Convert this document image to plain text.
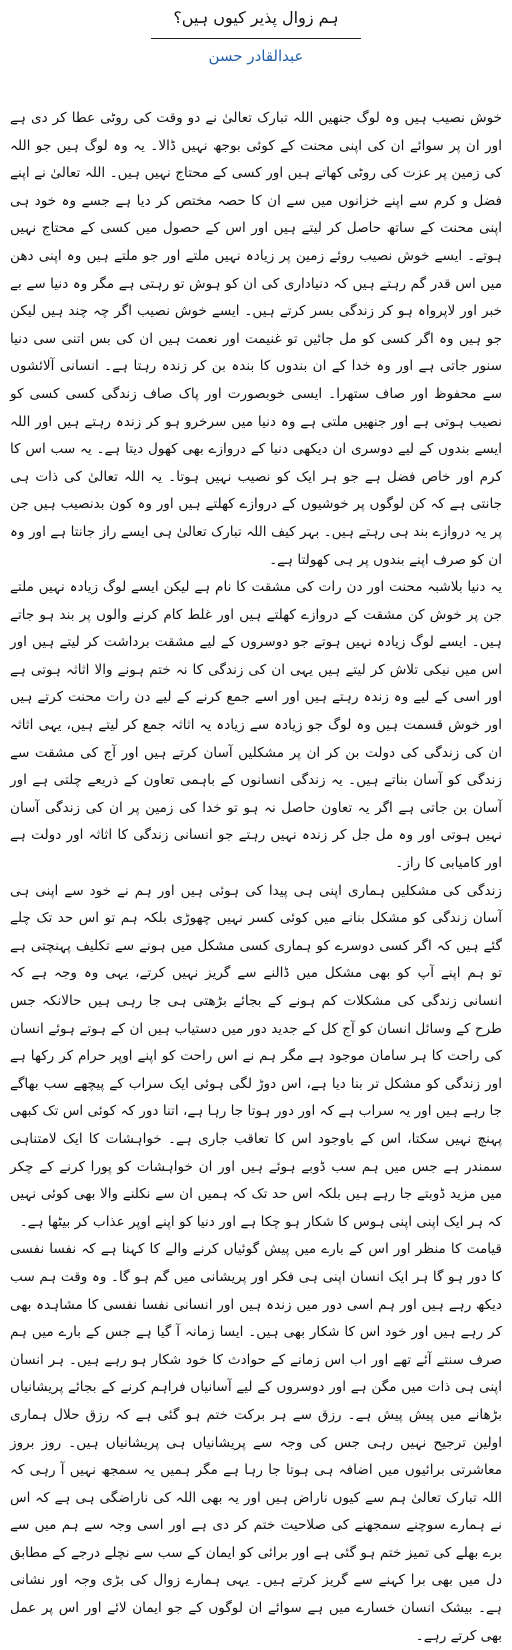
ہم زوال پذیر کیوں ہیں؟
عبدالقادر حسن

خوش نصیب ہیں وہ لوگ جنھیں اللہ تبارک تعالیٰ نے دو وقت کی روٹی عطا کر دی ہے اور ان پر سوائے ان کی اپنی محنت کے کوئی بوجھ نہیں ڈالا۔ یہ وہ لوگ ہیں جو اللہ کی زمین پر عزت کی روٹی کھاتے ہیں اور کسی کے محتاج نہیں ہیں۔ اللہ تعالیٰ نے اپنے فضل و کرم سے اپنے خزانوں میں سے ان کا حصہ مختص کر دیا ہے جسے وہ خود ہی اپنی محنت کے ساتھ حاصل کر لیتے ہیں اور اس کے حصول میں کسی کے محتاج نہیں ہوتے۔ ایسے خوش نصیب روئے زمین پر زیادہ نہیں ملتے اور جو ملتے ہیں وہ اپنی دھن میں اس قدر گم رہتے ہیں کہ دنیاداری کی ان کو ہوش تو رہتی ہے مگر وہ دنیا سے بے خبر اور لاپرواہ ہو کر زندگی بسر کرتے ہیں۔ ایسے خوش نصیب اگر چہ چند ہیں لیکن جو ہیں وہ اگر کسی کو مل جائیں تو غنیمت اور نعمت ہیں ان کی بس اتنی سی دنیا سنور جاتی ہے اور وہ خدا کے ان بندوں کا بندہ بن کر زندہ رہتا ہے۔ انسانی آلائشوں سے محفوظ اور صاف ستھرا۔ ایسی خوبصورت اور پاک صاف زندگی کسی کسی کو نصیب ہوتی ہے اور جنھیں ملتی ہے وہ دنیا میں سرخرو ہو کر زندہ رہتے ہیں اور اللہ ایسے بندوں کے لیے دوسری ان دیکھی دنیا کے دروازے بھی کھول دیتا ہے۔ یہ سب اس کا کرم اور خاص فضل ہے جو ہر ایک کو نصیب نہیں ہوتا۔ یہ اللہ تعالیٰ کی ذات ہی جانتی ہے کہ کن لوگوں پر خوشیوں کے دروازے کھلتے ہیں اور وہ کون بدنصیب ہیں جن پر یہ دروازے بند ہی رہتے ہیں۔ بہر کیف اللہ تبارک تعالیٰ ہی ایسے راز جانتا ہے اور وہ ان کو صرف اپنے بندوں پر ہی کھولتا ہے۔

یہ دنیا بلاشبہ محنت اور دن رات کی مشقت کا نام ہے لیکن ایسے لوگ زیادہ نہیں ملتے جن پر خوش کن مشقت کے دروازے کھلتے ہیں اور غلط کام کرنے والوں پر بند ہو جاتے ہیں۔ ایسے لوگ زیادہ نہیں ہوتے جو دوسروں کے لیے مشقت برداشت کر لیتے ہیں اور اس میں نیکی تلاش کر لیتے ہیں یہی ان کی زندگی کا نہ ختم ہونے والا اثاثہ ہوتی ہے اور اسی کے لیے وہ زندہ رہتے ہیں اور اسے جمع کرنے کے لیے دن رات محنت کرتے ہیں اور خوش قسمت ہیں وہ لوگ جو زیادہ سے زیادہ یہ اثاثہ جمع کر لیتے ہیں، یہی اثاثہ ان کی زندگی کی دولت بن کر ان پر مشکلیں آسان کرتے ہیں اور آج کی مشقت سے زندگی کو آسان بناتے ہیں۔ یہ زندگی انسانوں کے باہمی تعاون کے ذریعے چلتی ہے اور آسان بن جاتی ہے اگر یہ تعاون حاصل نہ ہو تو خدا کی زمین پر ان کی زندگی آسان نہیں ہوتی اور وہ مل جل کر زندہ نہیں رہتے جو انسانی زندگی کا اثاثہ اور دولت ہے اور کامیابی کا راز۔

زندگی کی مشکلیں ہماری اپنی ہی پیدا کی ہوئی ہیں اور ہم نے خود سے اپنی ہی آسان زندگی کو مشکل بنانے میں کوئی کسر نہیں چھوڑی بلکہ ہم تو اس حد تک چلے گئے ہیں کہ اگر کسی دوسرے کو ہماری کسی مشکل میں ہونے سے تکلیف پہنچتی ہے تو ہم اپنے آپ کو بھی مشکل میں ڈالنے سے گریز نہیں کرتے، یہی وہ وجہ ہے کہ انسانی زندگی کی مشکلات کم ہونے کے بجائے بڑھتی ہی جا رہی ہیں حالانکہ جس طرح کے وسائل انسان کو آج کل کے جدید دور میں دستیاب ہیں ان کے ہوتے ہوئے انسان کی راحت کا ہر سامان موجود ہے مگر ہم نے اس راحت کو اپنے اوپر حرام کر رکھا ہے اور زندگی کو مشکل تر بنا دیا ہے، اس دوڑ لگی ہوئی ایک سراب کے پیچھے سب بھاگے جا رہے ہیں اور یہ سراب ہے کہ اور دور ہوتا جا رہا ہے، اتنا دور کہ کوئی اس تک کبھی پہنچ نہیں سکتا، اس کے باوجود اس کا تعاقب جاری ہے۔ خواہشات کا ایک لامتناہی سمندر ہے جس میں ہم سب ڈوبے ہوئے ہیں اور ان خواہشات کو پورا کرنے کے چکر میں مزید ڈوبتے جا رہے ہیں بلکہ اس حد تک کہ ہمیں ان سے نکلنے والا بھی کوئی نہیں کہ ہر ایک اپنی اپنی ہوس کا شکار ہو چکا ہے اور دنیا کو اپنے اوپر عذاب کر بیٹھا ہے۔

قیامت کا منظر اور اس کے بارے میں پیش گوئیاں کرنے والے کا کہنا ہے کہ نفسا نفسی کا دور ہو گا ہر ایک انسان اپنی ہی فکر اور پریشانی میں گم ہو گا۔ وہ وقت ہم سب دیکھ رہے ہیں اور ہم اسی دور میں زندہ ہیں اور انسانی نفسا نفسی کا مشاہدہ بھی کر رہے ہیں اور خود اس کا شکار بھی ہیں۔ ایسا زمانہ آ گیا ہے جس کے بارے میں ہم صرف سنتے آئے تھے اور اب اس زمانے کے حوادث کا خود شکار ہو رہے ہیں۔ ہر انسان اپنی ہی ذات میں مگن ہے اور دوسروں کے لیے آسانیاں فراہم کرنے کے بجائے پریشانیاں بڑھانے میں پیش پیش ہے۔ رزق سے ہر برکت ختم ہو گئی ہے کہ رزق حلال ہماری اولین ترجیح نہیں رہی جس کی وجہ سے پریشانیاں ہی پریشانیاں ہیں۔ روز بروز معاشرتی برائیوں میں اضافہ ہی ہوتا جا رہا ہے مگر ہمیں یہ سمجھ نہیں آ رہی کہ اللہ تبارک تعالیٰ ہم سے کیوں ناراض ہیں اور یہ بھی اللہ کی ناراضگی ہی ہے کہ اس نے ہمارے سوچنے سمجھنے کی صلاحیت ختم کر دی ہے اور اسی وجہ سے ہم میں سے برے بھلے کی تمیز ختم ہو گئی ہے اور برائی کو ایمان کے سب سے نچلے درجے کے مطابق دل میں بھی برا کہنے سے گریز کرتے ہیں۔ یہی ہمارے زوال کی بڑی وجہ اور نشانی ہے۔ بیشک انسان خسارے میں ہے سوائے ان لوگوں کے جو ایمان لائے اور اس پر عمل بھی کرتے رہے۔
